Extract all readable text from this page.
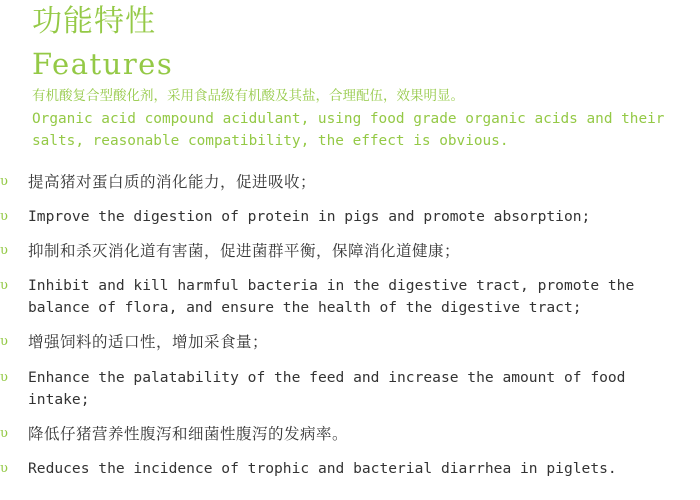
功能特性
Features
有机酸复合型酸化剂，采用食品级有机酸及其盐，合理配伍，效果明显。
Organic acid compound acidulant, using food grade organic acids and their salts, reasonable compatibility, the effect is obvious.
υ 提高猪对蛋白质的消化能力，促进吸收；
υ Improve the digestion of protein in pigs and promote absorption;
υ 抑制和杀灭消化道有害菌，促进菌群平衡，保障消化道健康；
υ Inhibit and kill harmful bacteria in the digestive tract, promote the balance of flora, and ensure the health of the digestive tract;
υ 增强饲料的适口性，增加采食量；
υ Enhance the palatability of the feed and increase the amount of food intake;
υ 降低仔猪营养性腹泻和细菌性腹泻的发病率。
υ Reduces the incidence of trophic and bacterial diarrhea in piglets.
